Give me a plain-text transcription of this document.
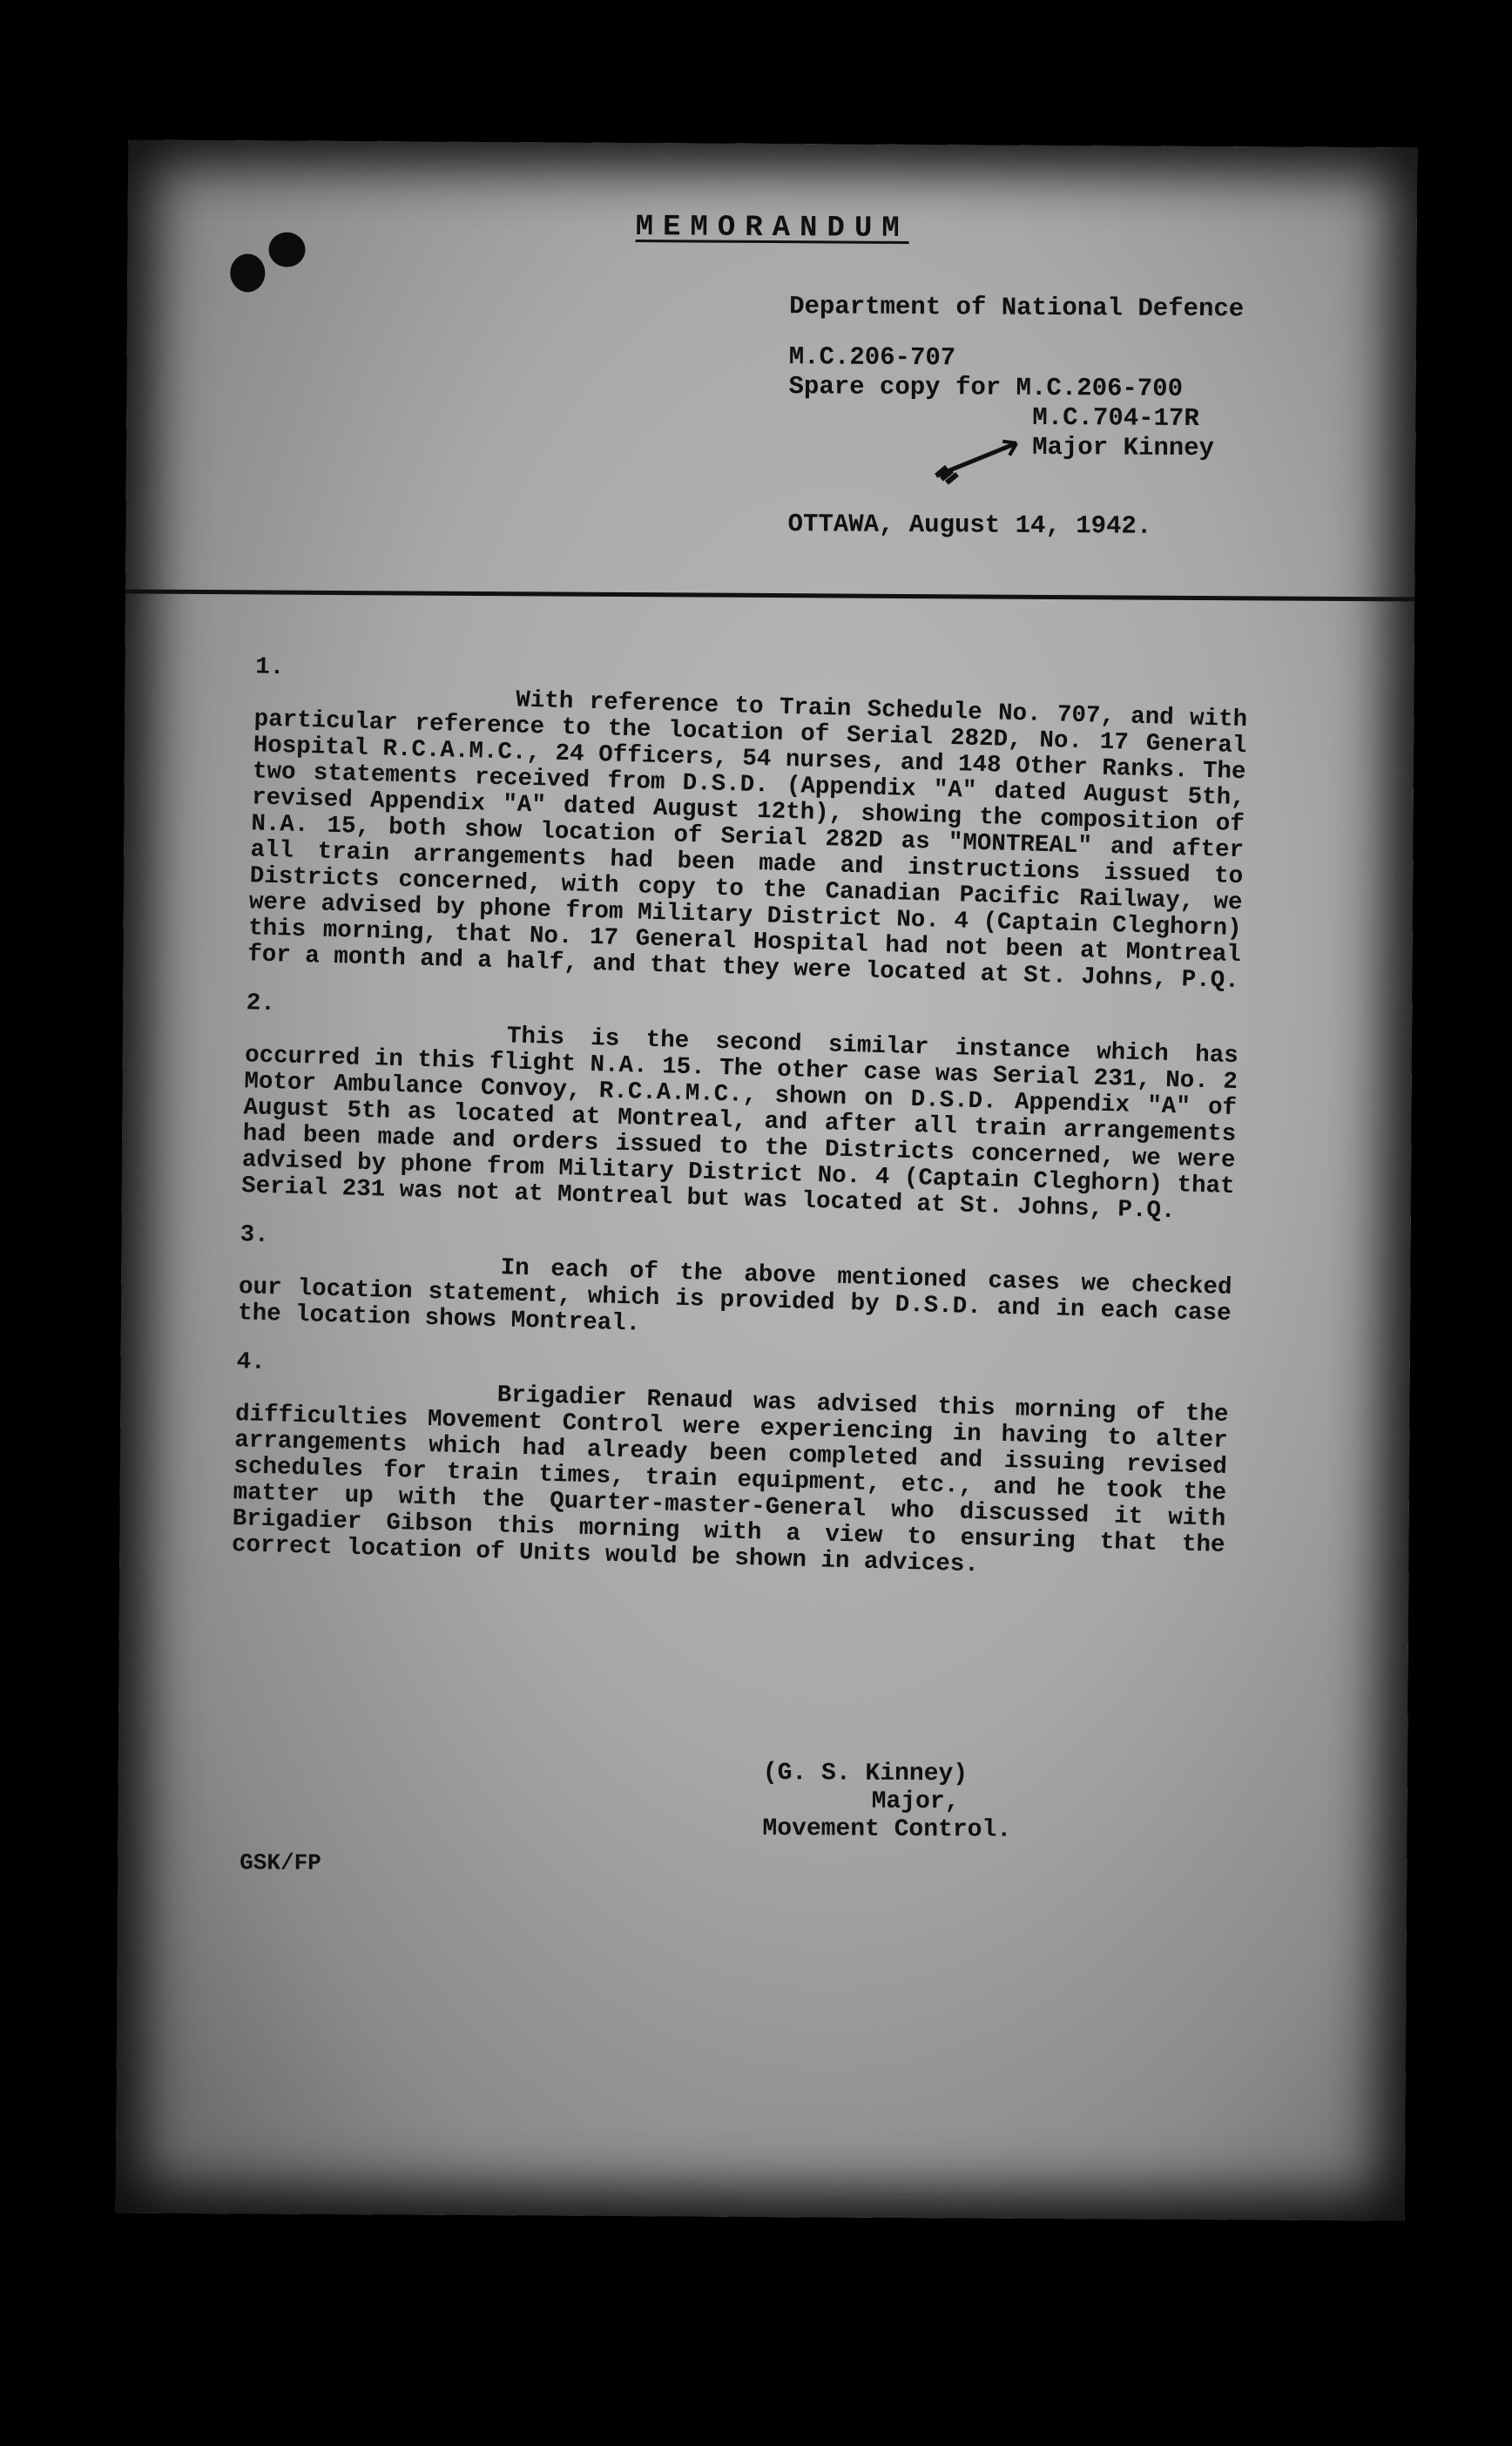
MEMORANDUM
Department of National Defence
M.C.206-707
Spare copy for M.C.206-700
M.C.704-17R
Major Kinney
OTTAWA, August 14, 1942.
1.
With reference to Train Schedule No. 707, and with particular reference to the location of Serial 282D, No. 17 General Hospital R.C.A.M.C., 24 Officers, 54 nurses, and 148 Other Ranks. The two statements received from D.S.D. (Appendix "A" dated August 5th, revised Appendix "A" dated August 12th), showing the composition of N.A. 15, both show location of Serial 282D as "MONTREAL" and after all train arrangements had been made and instructions issued to Districts concerned, with copy to the Canadian Pacific Railway, we were advised by phone from Military District No. 4 (Captain Cleghorn) this morning, that No. 17 General Hospital had not been at Montreal for a month and a half, and that they were located at St. Johns, P.Q.
2.
This is the second similar instance which has occurred in this flight N.A. 15. The other case was Serial 231, No. 2 Motor Ambulance Convoy, R.C.A.M.C., shown on D.S.D. Appendix "A" of August 5th as located at Montreal, and after all train arrangements had been made and orders issued to the Districts concerned, we were advised by phone from Military District No. 4 (Captain Cleghorn) that Serial 231 was not at Montreal but was located at St. Johns, P.Q.
3.
In each of the above mentioned cases we checked our location statement, which is provided by D.S.D. and in each case the location shows Montreal.
4.
Brigadier Renaud was advised this morning of the difficulties Movement Control were experiencing in having to alter arrangements which had already been completed and issuing revised schedules for train times, train equipment, etc., and he took the matter up with the Quarter-master-General who discussed it with Brigadier Gibson this morning with a view to ensuring that the correct location of Units would be shown in advices.
(G. S. Kinney)
Major,
Movement Control.
GSK/FP
